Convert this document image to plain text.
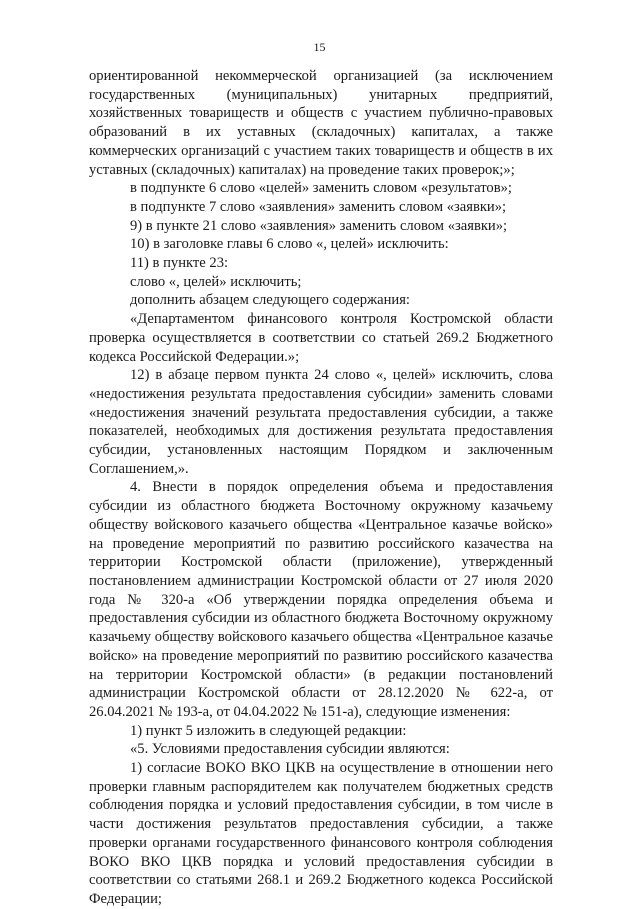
15

ориентированной некоммерческой организацией (за исключением государственных (муниципальных) унитарных предприятий, хозяйственных товариществ и обществ с участием публично-правовых образований в их уставных (складочных) капиталах, а также коммерческих организаций с участием таких товариществ и обществ в их уставных (складочных) капиталах) на проведение таких проверок;»;

в подпункте 6 слово «целей» заменить словом «результатов»;

в подпункте 7 слово «заявления» заменить словом «заявки»;

9) в пункте 21 слово «заявления» заменить словом «заявки»;

10) в заголовке главы 6 слово «, целей» исключить:

11) в пункте 23:

слово «, целей» исключить;

дополнить абзацем следующего содержания:

«Департаментом финансового контроля Костромской области проверка осуществляется в соответствии со статьей 269.2 Бюджетного кодекса Российской Федерации.»;

12) в абзаце первом пункта 24 слово «, целей» исключить, слова «недостижения результата предоставления субсидии» заменить словами «недостижения значений результата предоставления субсидии, а также показателей, необходимых для достижения результата предоставления субсидии, установленных настоящим Порядком и заключенным Соглашением,».

4. Внести в порядок определения объема и предоставления субсидии из областного бюджета Восточному окружному казачьему обществу войскового казачьего общества «Центральное казачье войско» на проведение мероприятий по развитию российского казачества на территории Костромской области (приложение), утвержденный постановлением администрации Костромской области от 27 июля 2020 года № 320-а «Об утверждении порядка определения объема и предоставления субсидии из областного бюджета Восточному окружному казачьему обществу войскового казачьего общества «Центральное казачье войско» на проведение мероприятий по развитию российского казачества на территории Костромской области» (в редакции постановлений администрации Костромской области от 28.12.2020 № 622-а, от 26.04.2021 № 193-а, от 04.04.2022 № 151-а), следующие изменения:

1) пункт 5 изложить в следующей редакции:

«5. Условиями предоставления субсидии являются:

1) согласие ВОКО ВКО ЦКВ на осуществление в отношении него проверки главным распорядителем как получателем бюджетных средств соблюдения порядка и условий предоставления субсидии, в том числе в части достижения результатов предоставления субсидии, а также проверки органами государственного финансового контроля соблюдения ВОКО ВКО ЦКВ порядка и условий предоставления субсидии в соответствии со статьями 268.1 и 269.2 Бюджетного кодекса Российской Федерации;
